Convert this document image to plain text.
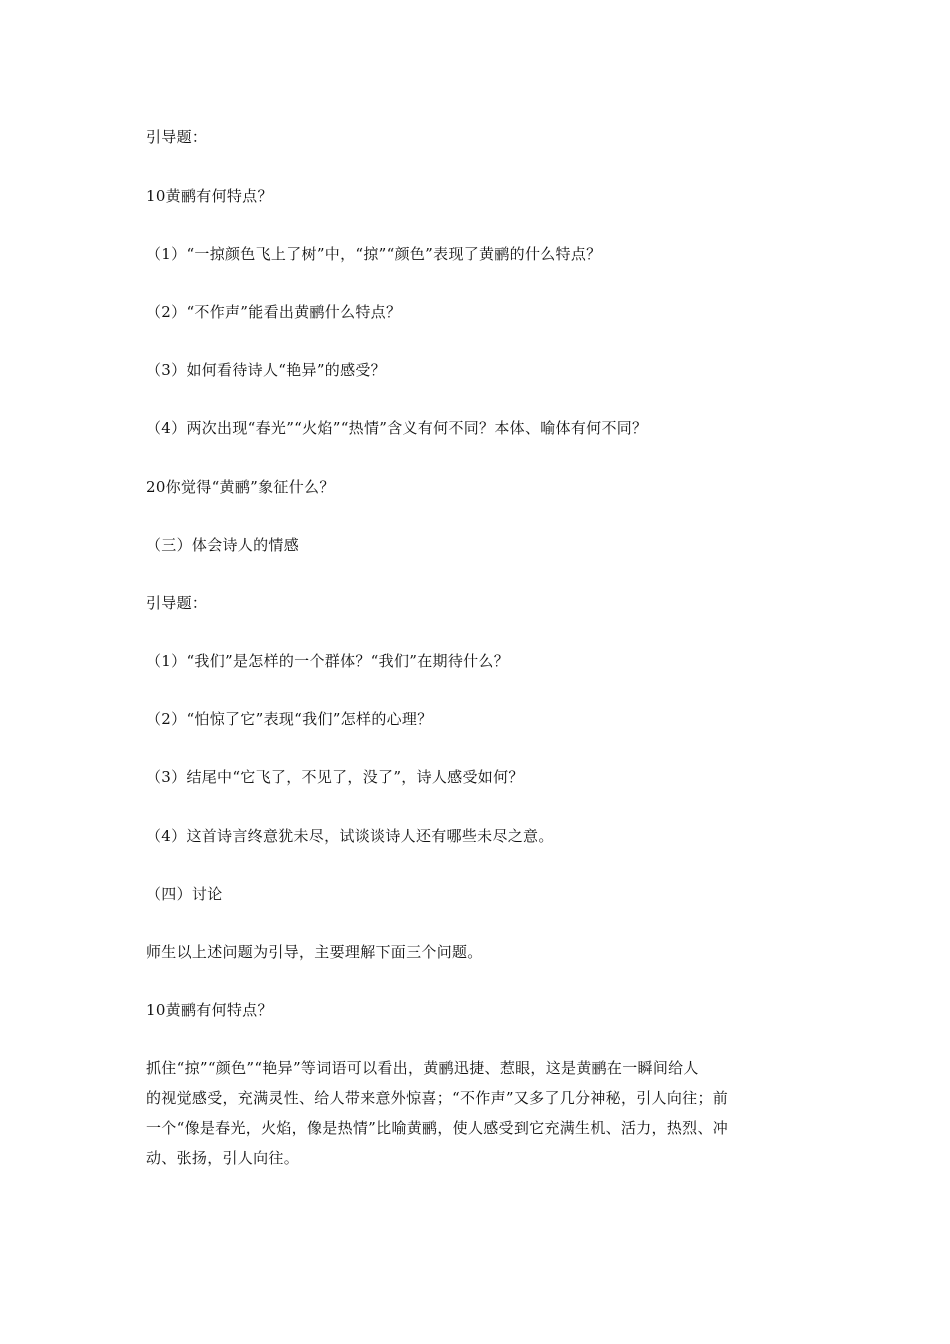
引导题：
10黄鹂有何特点？
（1）“一掠颜色飞上了树”中，“掠”“颜色”表现了黄鹂的什么特点？
（2）“不作声”能看出黄鹂什么特点？
（3）如何看待诗人“艳异”的感受？
（4）两次出现“春光”“火焰”“热情”含义有何不同？本体、喻体有何不同？
20你觉得“黄鹂”象征什么？
（三）体会诗人的情感
引导题：
（1）“我们”是怎样的一个群体？“我们”在期待什么？
（2）“怕惊了它”表现“我们”怎样的心理？
（3）结尾中“它飞了，不见了，没了”，诗人感受如何？
（4）这首诗言终意犹未尽，试谈谈诗人还有哪些未尽之意。
（四）讨论
师生以上述问题为引导，主要理解下面三个问题。
10黄鹂有何特点？
抓住“掠”“颜色”“艳异”等词语可以看出，黄鹂迅捷、惹眼，这是黄鹂在一瞬间给人
的视觉感受，充满灵性、给人带来意外惊喜；“不作声”又多了几分神秘，引人向往；前
一个“像是春光，火焰，像是热情”比喻黄鹂，使人感受到它充满生机、活力，热烈、冲
动、张扬，引人向往。
